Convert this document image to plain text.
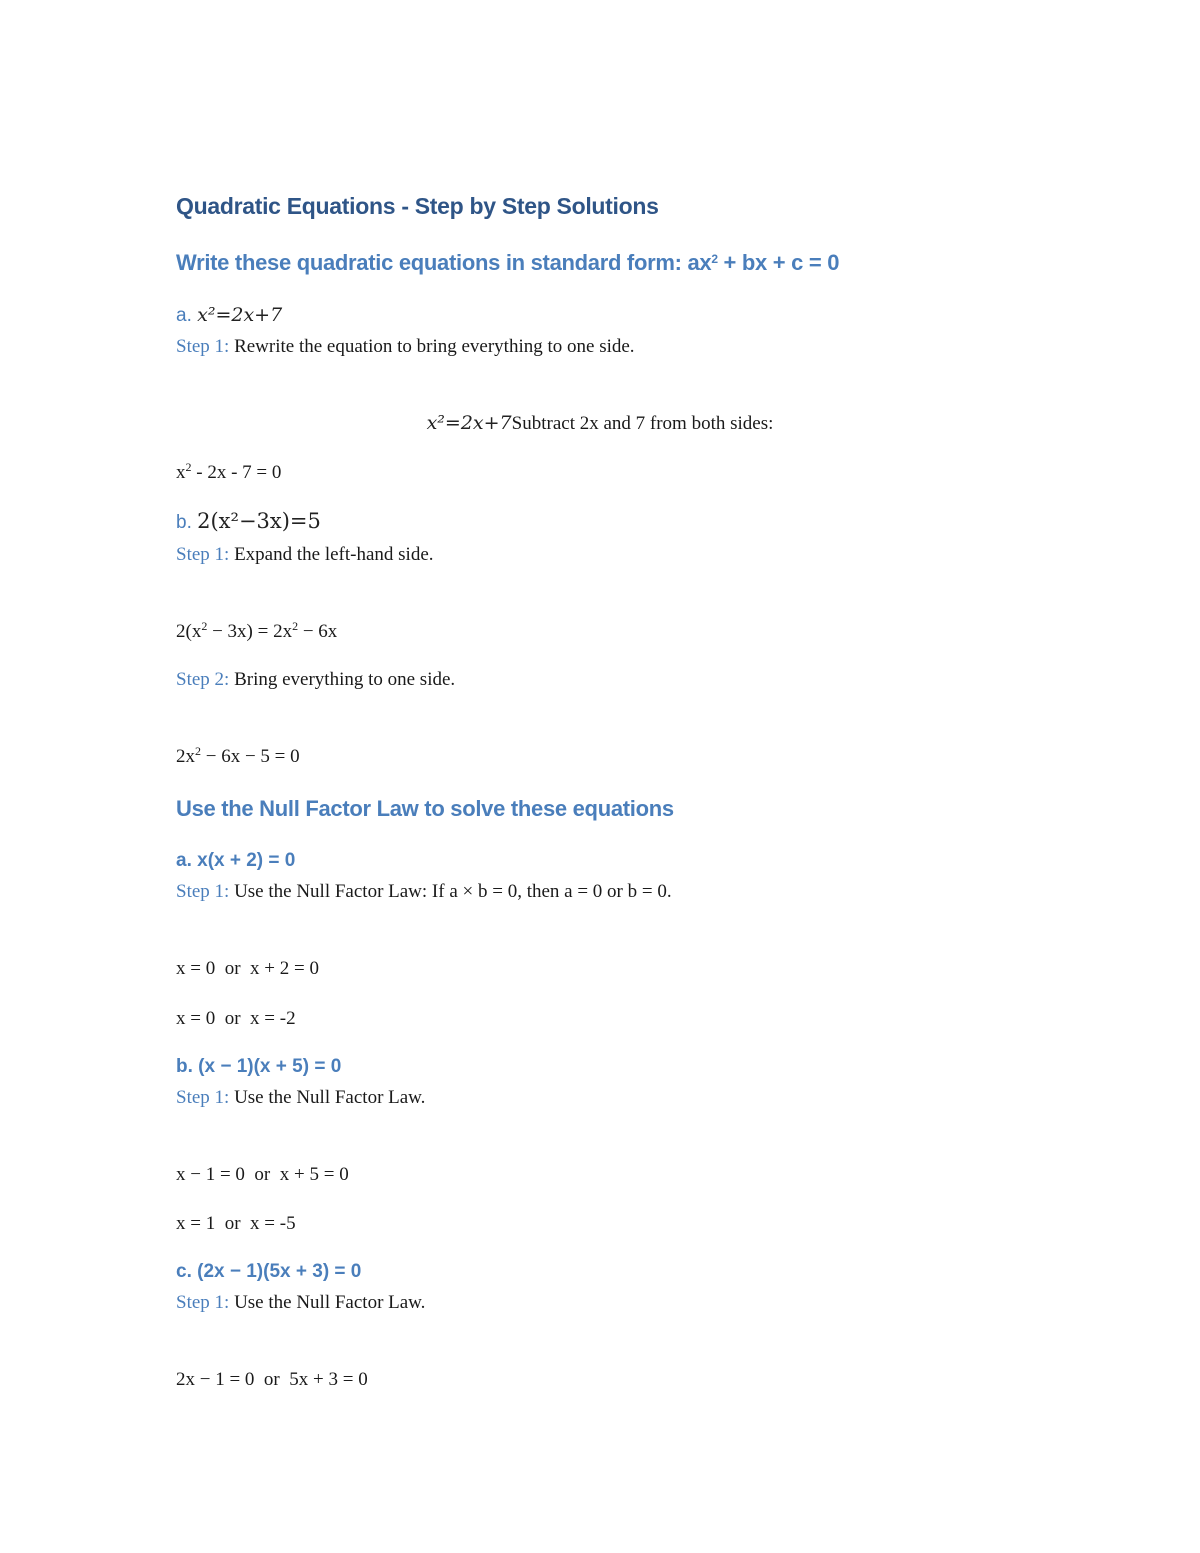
Quadratic Equations - Step by Step Solutions
Write these quadratic equations in standard form: $ax^2$ + bx + c = 0
a. x²=2x+7
Step 1: Rewrite the equation to bring everything to one side.
x²=2x+7Subtract 2x and 7 from both sides:
$x^2 - 2x - 7 = 0$
b. 2(x²−3x)=5
Step 1: Expand the left-hand side.
$2(x^2 - 3x) = 2x^2 - 6x$
Step 2: Bring everything to one side.
$2x^2 - 6x - 5 = 0$
Use the Null Factor Law to solve these equations
a. x(x + 2) = 0
Step 1: Use the Null Factor Law: If a × b = 0, then a = 0 or b = 0.
x = 0  or  x + 2 = 0
x = 0  or  x = -2
b. (x − 1)(x + 5) = 0
Step 1: Use the Null Factor Law.
x − 1 = 0  or  x + 5 = 0
x = 1  or  x = -5
c. (2x − 1)(5x + 3) = 0
Step 1: Use the Null Factor Law.
2x − 1 = 0  or  5x + 3 = 0
